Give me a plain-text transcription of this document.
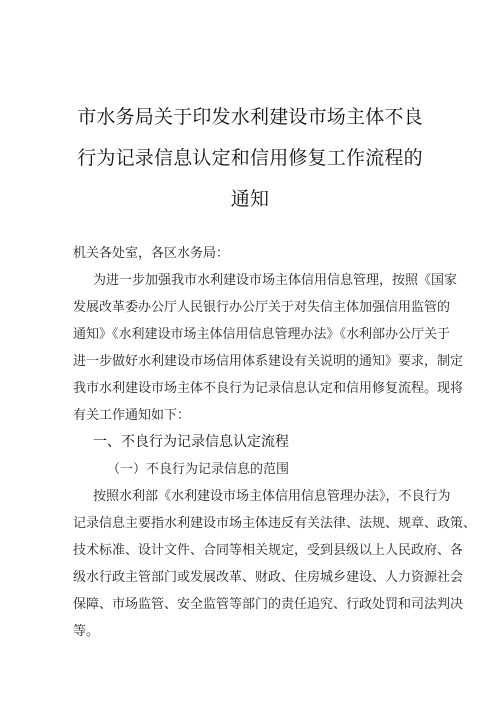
市水务局关于印发水利建设市场主体不良
行为记录信息认定和信用修复工作流程的
通知
机关各处室，各区水务局：
为进一步加强我市水利建设市场主体信用信息管理，按照《国家
发展改革委办公厅人民银行办公厅关于对失信主体加强信用监管的
通知》《水利建设市场主体信用信息管理办法》《水利部办公厅关于
进一步做好水利建设市场信用体系建设有关说明的通知》要求，制定
我市水利建设市场主体不良行为记录信息认定和信用修复流程。现将
有关工作通知如下：
一、不良行为记录信息认定流程
（一）不良行为记录信息的范围
按照水利部《水利建设市场主体信用信息管理办法》，不良行为
记录信息主要指水利建设市场主体违反有关法律、法规、规章、政策、
技术标准、设计文件、合同等相关规定，受到县级以上人民政府、各
级水行政主管部门或发展改革、财政、住房城乡建设、人力资源社会
保障、市场监管、安全监管等部门的责任追究、行政处罚和司法判决
等。
